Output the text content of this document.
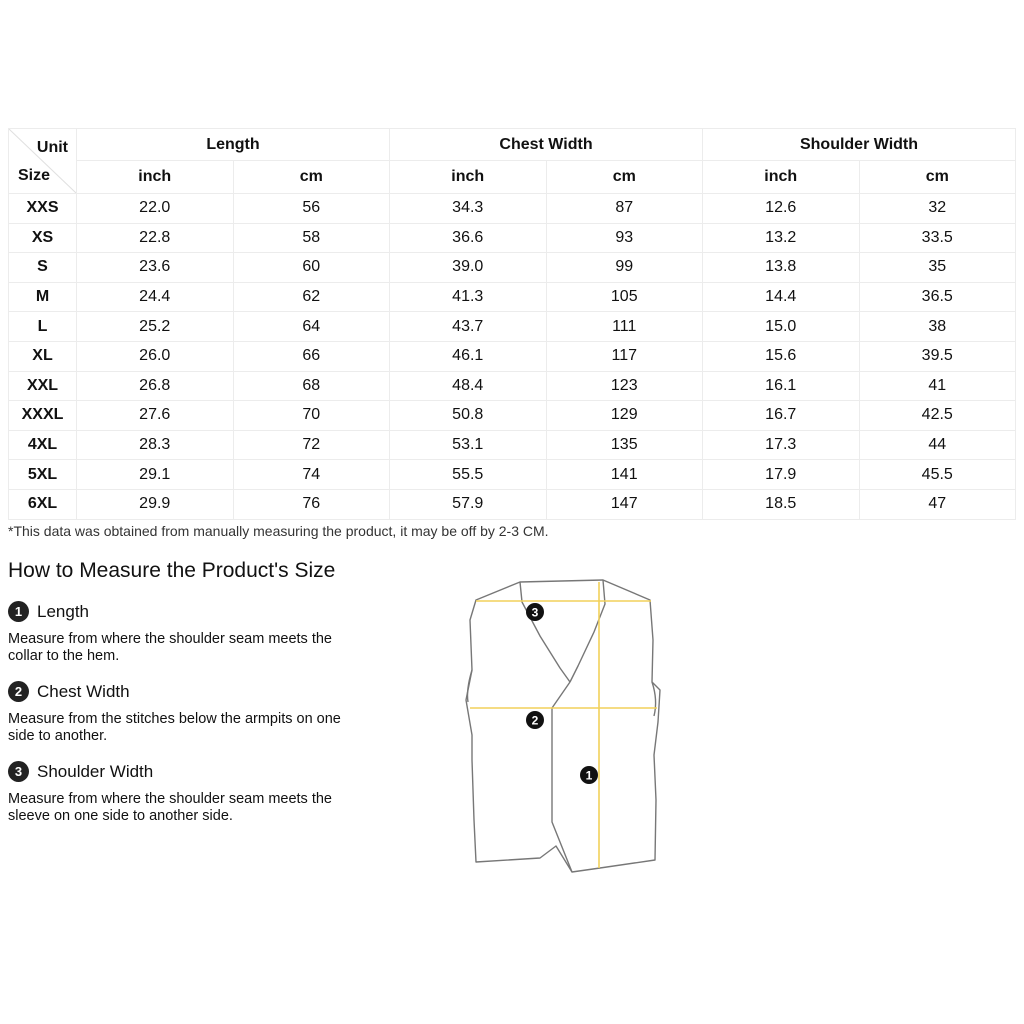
Unit
Size	Length		Chest Width		Shoulder Width	
	inch	cm	inch	cm	inch	cm
XXS	22.0	56	34.3	87	12.6	32
XS	22.8	58	36.6	93	13.2	33.5
S	23.6	60	39.0	99	13.8	35
M	24.4	62	41.3	105	14.4	36.5
L	25.2	64	43.7	111	15.0	38
XL	26.0	66	46.1	117	15.6	39.5
XXL	26.8	68	48.4	123	16.1	41
XXXL	27.6	70	50.8	129	16.7	42.5
4XL	28.3	72	53.1	135	17.3	44
5XL	29.1	74	55.5	141	17.9	45.5
6XL	29.9	76	57.9	147	18.5	47
*This data was obtained from manually measuring the product, it may be off by 2-3 CM.
How to Measure the Product's Size
1 Length
Measure from where the shoulder seam meets the collar to the hem.
2 Chest Width
Measure from the stitches below the armpits on one side to another.
3 Shoulder Width
Measure from where the shoulder seam meets the sleeve on one side to another side.
3
2
1
